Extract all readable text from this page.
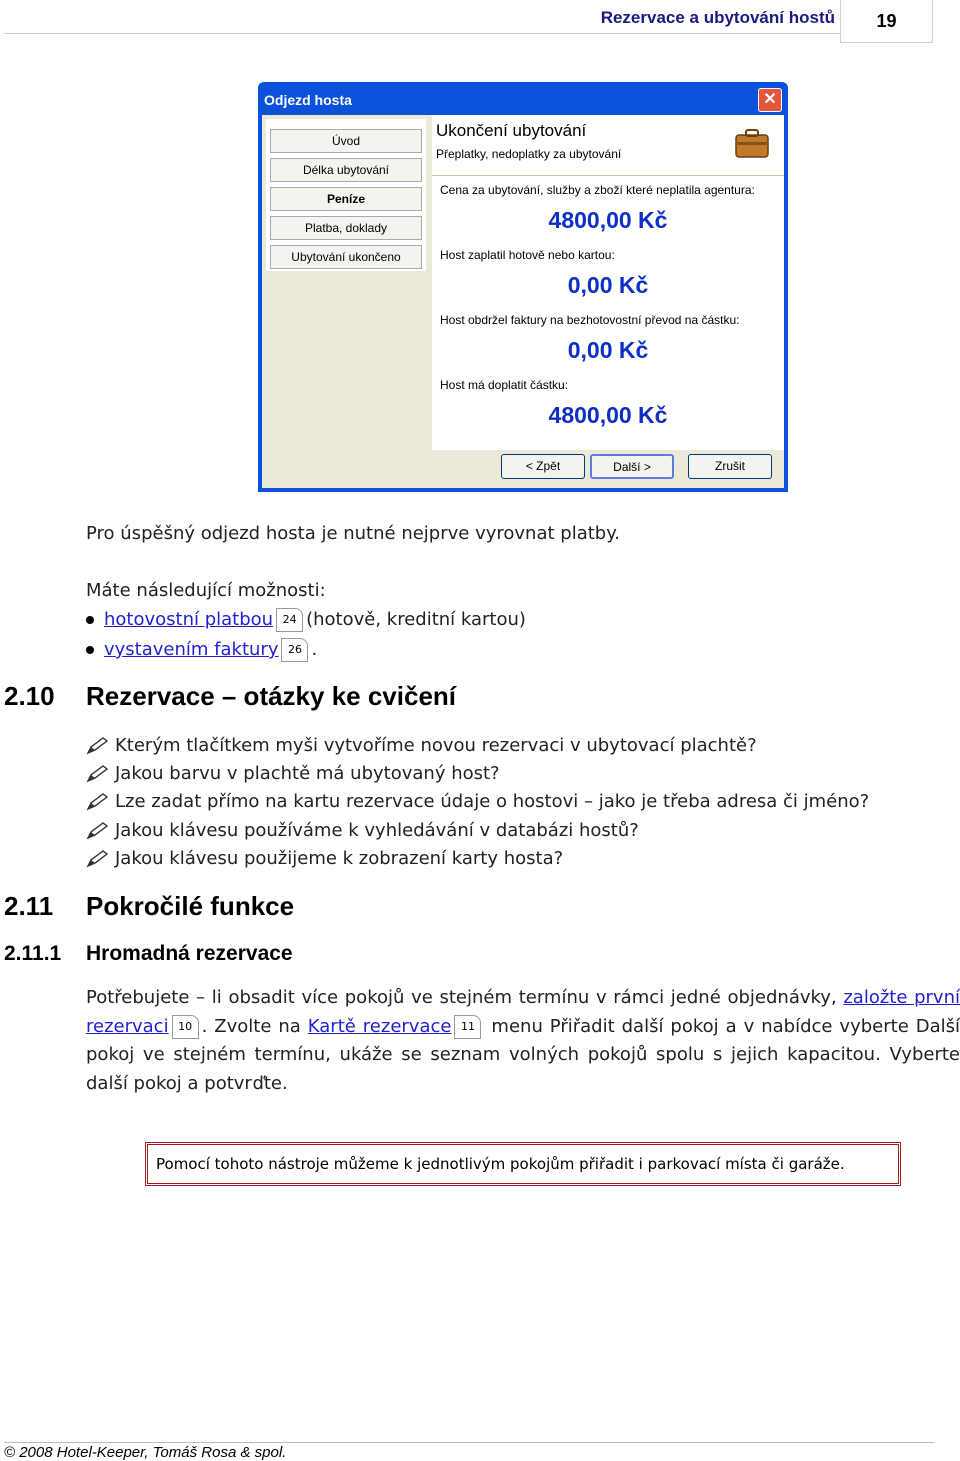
Rezervace a ubytování hostů	19
Odjezd hosta	✕
Úvod
Délka ubytování
Peníze
Platba, doklady
Ubytování ukončeno
Ukončení ubytování
Přeplatky, nedoplatky za ubytování
Cena za ubytování, služby a zboží které neplatila agentura:
4800,00 Kč
Host zaplatil hotově nebo kartou:
0,00 Kč
Host obdržel faktury na bezhotovostní převod na částku:
0,00 Kč
Host má doplatit částku:
4800,00 Kč
< Zpět	Další >	Zrušit
Pro úspěšný odjezd hosta je nutné nejprve vyrovnat platby.
Máte následující možnosti:
hotovostní platbou 24 (hotově, kreditní kartou)
vystavením faktury 26 .
2.10 Rezervace – otázky ke cvičení
Kterým tlačítkem myši vytvoříme novou rezervaci v ubytovací plachtě?
Jakou barvu v plachtě má ubytovaný host?
Lze zadat přímo na kartu rezervace údaje o hostovi – jako je třeba adresa či jméno?
Jakou klávesu používáme k vyhledávání v databázi hostů?
Jakou klávesu použijeme k zobrazení karty hosta?
2.11 Pokročilé funkce
2.11.1 Hromadná rezervace
Potřebujete – li obsadit více pokojů ve stejném termínu v rámci jedné objednávky, založte první rezervaci 10 . Zvolte na Kartě rezervace 11 menu Přiřadit další pokoj a v nabídce vyberte Další pokoj ve stejném termínu, ukáže se seznam volných pokojů spolu s jejich kapacitou. Vyberte další pokoj a potvrďte.
Pomocí tohoto nástroje můžeme k jednotlivým pokojům přiřadit i parkovací místa či garáže.
© 2008 Hotel-Keeper, Tomáš Rosa & spol.
